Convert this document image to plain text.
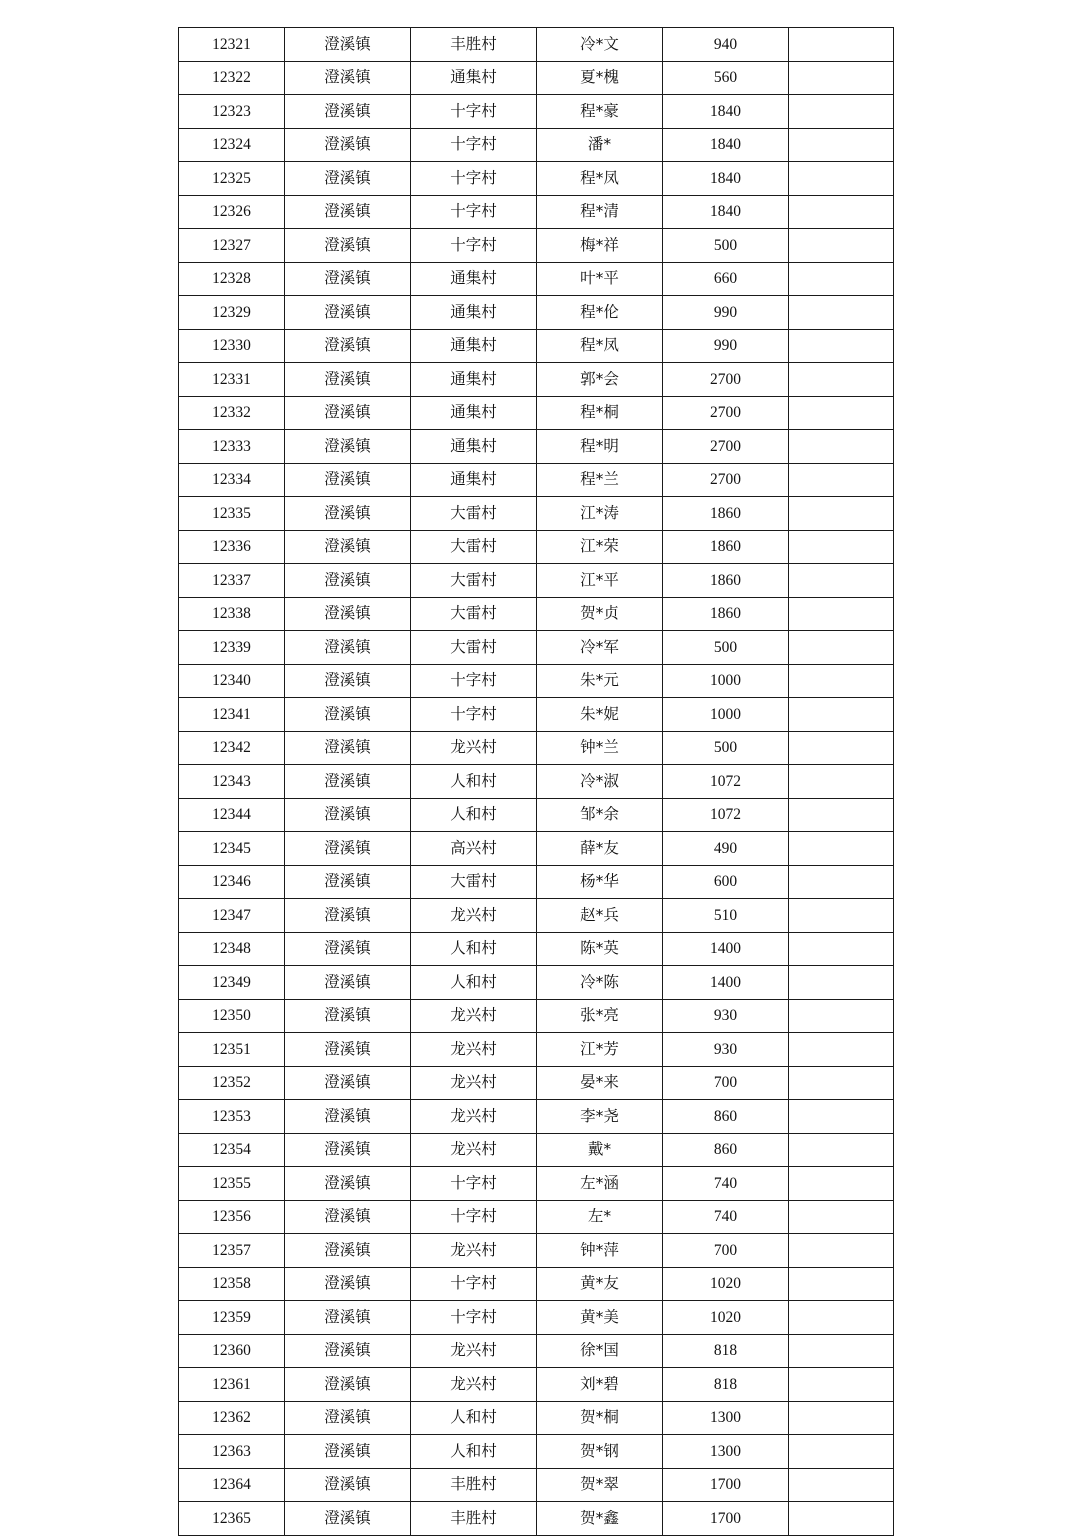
12321	澄溪镇	丰胜村	冷*文	940	
12322	澄溪镇	通集村	夏*槐	560	
12323	澄溪镇	十字村	程*豪	1840	
12324	澄溪镇	十字村	潘*	1840	
12325	澄溪镇	十字村	程*凤	1840	
12326	澄溪镇	十字村	程*清	1840	
12327	澄溪镇	十字村	梅*祥	500	
12328	澄溪镇	通集村	叶*平	660	
12329	澄溪镇	通集村	程*伦	990	
12330	澄溪镇	通集村	程*凤	990	
12331	澄溪镇	通集村	郭*会	2700	
12332	澄溪镇	通集村	程*桐	2700	
12333	澄溪镇	通集村	程*明	2700	
12334	澄溪镇	通集村	程*兰	2700	
12335	澄溪镇	大雷村	江*涛	1860	
12336	澄溪镇	大雷村	江*荣	1860	
12337	澄溪镇	大雷村	江*平	1860	
12338	澄溪镇	大雷村	贺*贞	1860	
12339	澄溪镇	大雷村	冷*军	500	
12340	澄溪镇	十字村	朱*元	1000	
12341	澄溪镇	十字村	朱*妮	1000	
12342	澄溪镇	龙兴村	钟*兰	500	
12343	澄溪镇	人和村	冷*淑	1072	
12344	澄溪镇	人和村	邹*余	1072	
12345	澄溪镇	高兴村	薛*友	490	
12346	澄溪镇	大雷村	杨*华	600	
12347	澄溪镇	龙兴村	赵*兵	510	
12348	澄溪镇	人和村	陈*英	1400	
12349	澄溪镇	人和村	冷*陈	1400	
12350	澄溪镇	龙兴村	张*亮	930	
12351	澄溪镇	龙兴村	江*芳	930	
12352	澄溪镇	龙兴村	晏*来	700	
12353	澄溪镇	龙兴村	李*尧	860	
12354	澄溪镇	龙兴村	戴*	860	
12355	澄溪镇	十字村	左*涵	740	
12356	澄溪镇	十字村	左*	740	
12357	澄溪镇	龙兴村	钟*萍	700	
12358	澄溪镇	十字村	黄*友	1020	
12359	澄溪镇	十字村	黄*美	1020	
12360	澄溪镇	龙兴村	徐*国	818	
12361	澄溪镇	龙兴村	刘*碧	818	
12362	澄溪镇	人和村	贺*桐	1300	
12363	澄溪镇	人和村	贺*钢	1300	
12364	澄溪镇	丰胜村	贺*翠	1700	
12365	澄溪镇	丰胜村	贺*鑫	1700	
